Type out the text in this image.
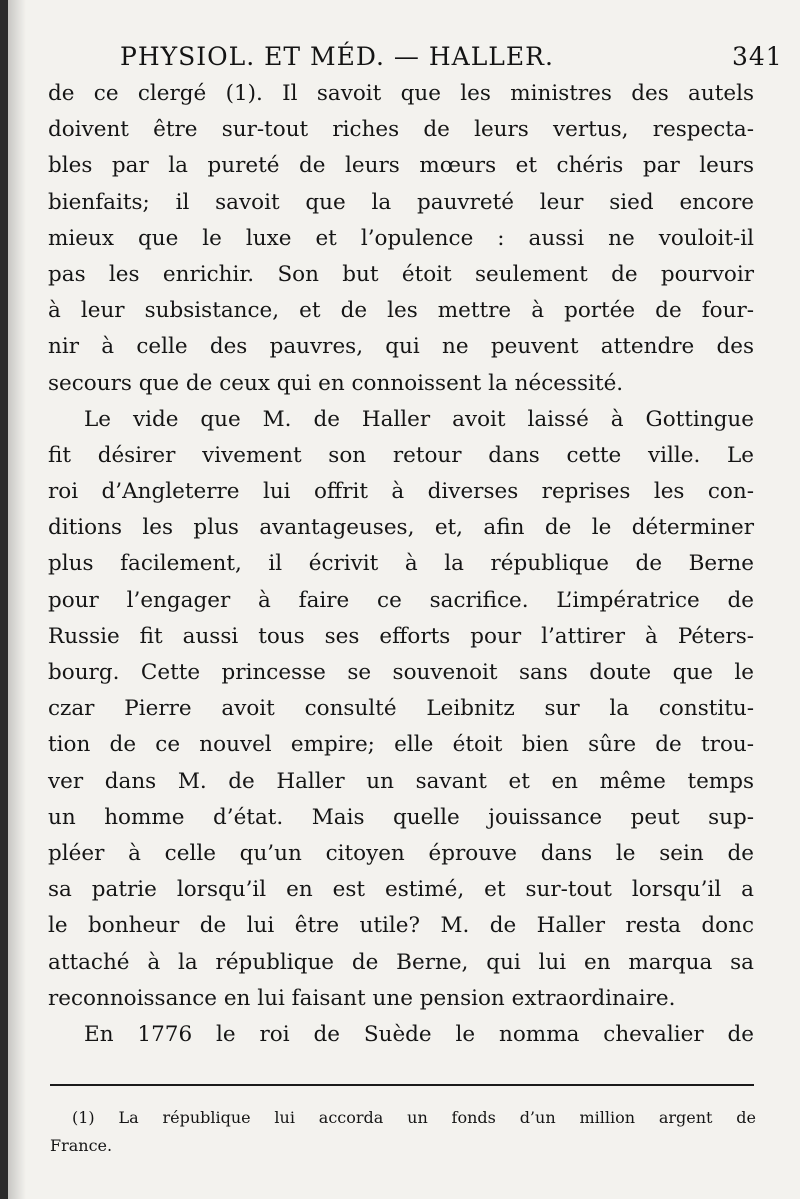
PHYSIOL. ET MÉD. — HALLER.	341
de ce clergé (1). Il savoit que les ministres des autels
doivent être sur-tout riches de leurs vertus, respecta-
bles par la pureté de leurs mœurs et chéris par leurs
bienfaits; il savoit que la pauvreté leur sied encore
mieux que le luxe et l’opulence : aussi ne vouloit-il
pas les enrichir. Son but étoit seulement de pourvoir
à leur subsistance, et de les mettre à portée de four-
nir à celle des pauvres, qui ne peuvent attendre des
secours que de ceux qui en connoissent la nécessité.
Le vide que M. de Haller avoit laissé à Gottingue
fit désirer vivement son retour dans cette ville. Le
roi d’Angleterre lui offrit à diverses reprises les con-
ditions les plus avantageuses, et, afin de le déterminer
plus facilement, il écrivit à la république de Berne
pour l’engager à faire ce sacrifice. L’impératrice de
Russie fit aussi tous ses efforts pour l’attirer à Péters-
bourg. Cette princesse se souvenoit sans doute que le
czar Pierre avoit consulté Leibnitz sur la constitu-
tion de ce nouvel empire; elle étoit bien sûre de trou-
ver dans M. de Haller un savant et en même temps
un homme d’état. Mais quelle jouissance peut sup-
pléer à celle qu’un citoyen éprouve dans le sein de
sa patrie lorsqu’il en est estimé, et sur-tout lorsqu’il a
le bonheur de lui être utile? M. de Haller resta donc
attaché à la république de Berne, qui lui en marqua sa
reconnoissance en lui faisant une pension extraordinaire.
En 1776 le roi de Suède le nomma chevalier de
(1) La république lui accorda un fonds d’un million argent de
France.
